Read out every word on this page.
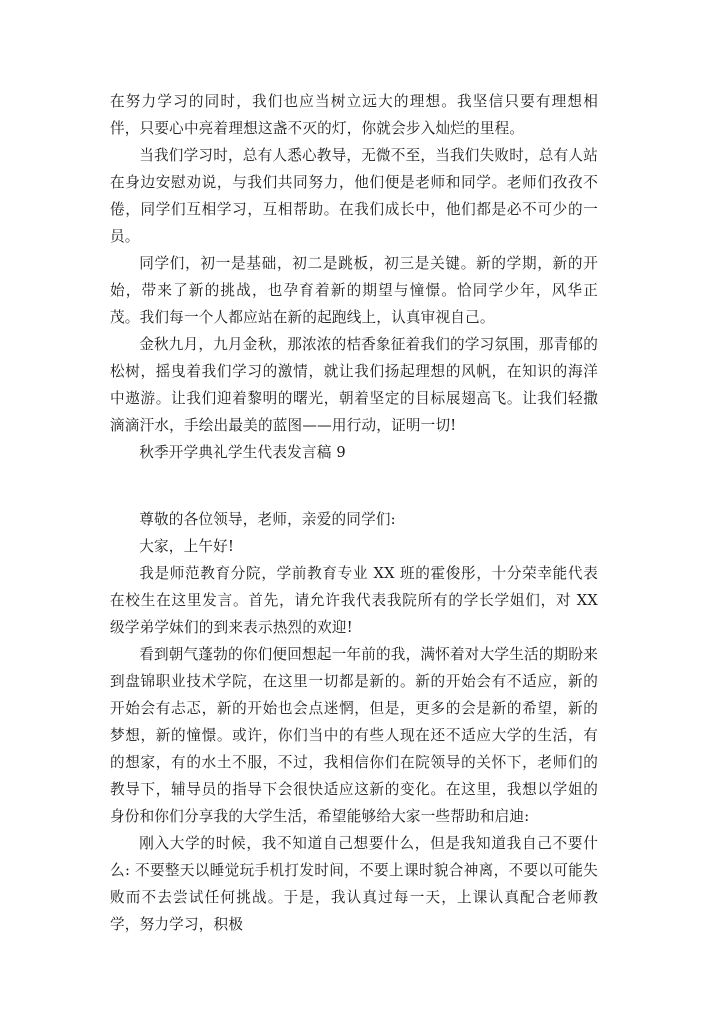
在努力学习的同时，我们也应当树立远大的理想。我坚信只要有理想相伴，只要心中亮着理想这盏不灭的灯，你就会步入灿烂的里程。

当我们学习时，总有人悉心教导，无微不至，当我们失败时，总有人站在身边安慰劝说，与我们共同努力，他们便是老师和同学。老师们孜孜不倦，同学们互相学习，互相帮助。在我们成长中，他们都是必不可少的一员。

同学们，初一是基础，初二是跳板，初三是关键。新的学期，新的开始，带来了新的挑战，也孕育着新的期望与憧憬。恰同学少年，风华正茂。我们每一个人都应站在新的起跑线上，认真审视自己。

金秋九月，九月金秋，那浓浓的桔香象征着我们的学习氛围，那青郁的松树，摇曳着我们学习的激情，就让我们扬起理想的风帆，在知识的海洋中遨游。让我们迎着黎明的曙光，朝着坚定的目标展翅高飞。让我们轻撒滴滴汗水，手绘出最美的蓝图——用行动，证明一切!

秋季开学典礼学生代表发言稿 9

尊敬的各位领导，老师，亲爱的同学们:

大家，上午好!

我是师范教育分院，学前教育专业 XX 班的霍俊彤，十分荣幸能代表在校生在这里发言。首先，请允许我代表我院所有的学长学姐们，对 XX 级学弟学妹们的到来表示热烈的欢迎!

看到朝气蓬勃的你们便回想起一年前的我，满怀着对大学生活的期盼来到盘锦职业技术学院，在这里一切都是新的。新的开始会有不适应，新的开始会有忐忑，新的开始也会点迷惘，但是，更多的会是新的希望，新的梦想，新的憧憬。或许，你们当中的有些人现在还不适应大学的生活，有的想家，有的水土不服，不过，我相信你们在院领导的关怀下，老师们的教导下，辅导员的指导下会很快适应这新的变化。在这里，我想以学姐的身份和你们分享我的大学生活，希望能够给大家一些帮助和启迪:

刚入大学的时候，我不知道自己想要什么，但是我知道我自己不要什么: 不要整天以睡觉玩手机打发时间，不要上课时貌合神离，不要以可能失败而不去尝试任何挑战。于是，我认真过每一天，上课认真配合老师教学，努力学习，积极
